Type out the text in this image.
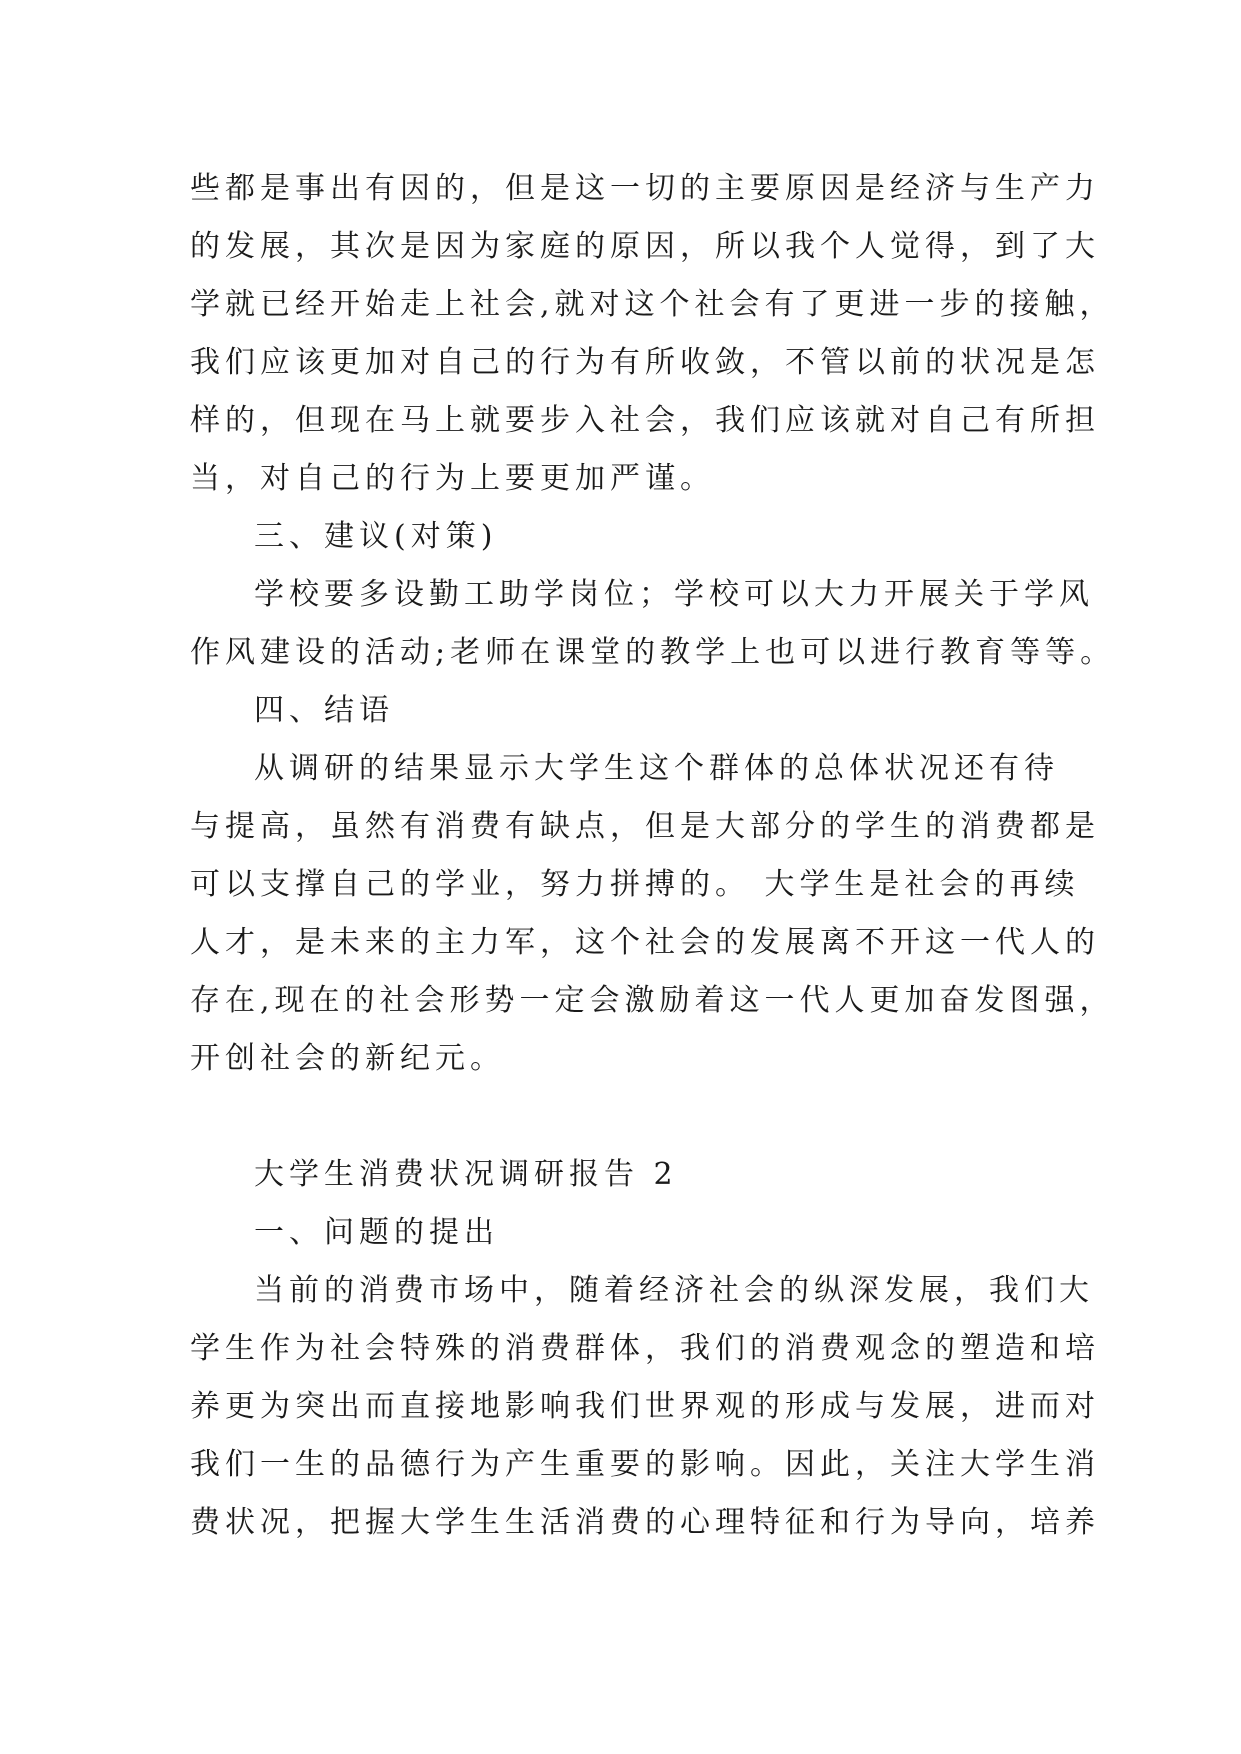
些都是事出有因的，但是这一切的主要原因是经济与生产力
的发展，其次是因为家庭的原因，所以我个人觉得，到了大
学就已经开始走上社会,就对这个社会有了更进一步的接触，
我们应该更加对自己的行为有所收敛，不管以前的状况是怎
样的，但现在马上就要步入社会，我们应该就对自己有所担
当，对自己的行为上要更加严谨。
三、建议(对策)
学校要多设勤工助学岗位；学校可以大力开展关于学风
作风建设的活动;老师在课堂的教学上也可以进行教育等等。
四、结语
从调研的结果显示大学生这个群体的总体状况还有待
与提高，虽然有消费有缺点，但是大部分的学生的消费都是
可以支撑自己的学业，努力拼搏的。 大学生是社会的再续
人才，是未来的主力军，这个社会的发展离不开这一代人的
存在,现在的社会形势一定会激励着这一代人更加奋发图强，
开创社会的新纪元。
大学生消费状况调研报告 2
一、问题的提出
当前的消费市场中，随着经济社会的纵深发展，我们大
学生作为社会特殊的消费群体，我们的消费观念的塑造和培
养更为突出而直接地影响我们世界观的形成与发展，进而对
我们一生的品德行为产生重要的影响。因此，关注大学生消
费状况，把握大学生生活消费的心理特征和行为导向，培养
